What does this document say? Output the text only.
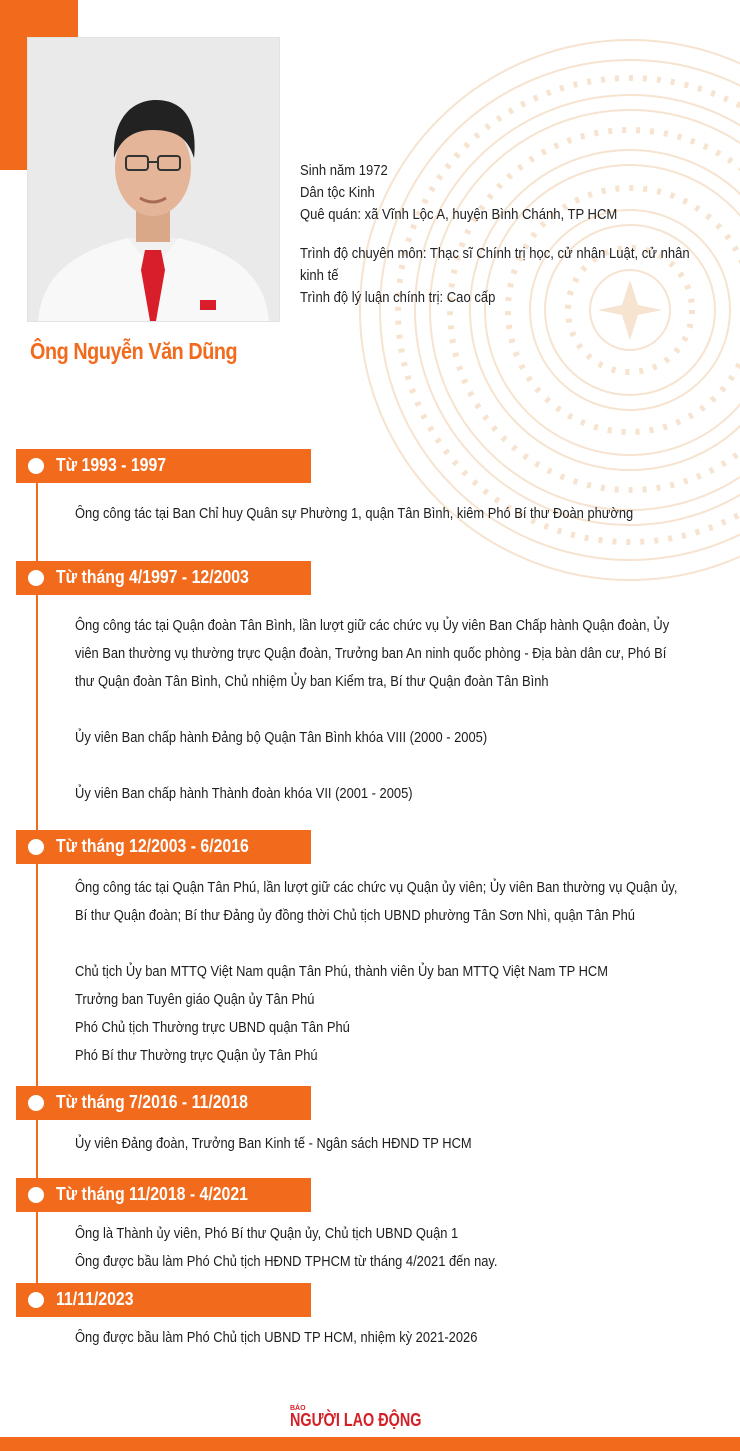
Ông Nguyễn Văn Dũng
Sinh năm 1972
Dân tộc Kinh
Quê quán: xã Vĩnh Lộc A, huyện Bình Chánh, TP HCM
Trình độ chuyên môn: Thạc sĩ Chính trị học, cử nhân Luật, cử nhân kinh tế
Trình độ lý luận chính trị: Cao cấp
Từ 1993 - 1997
Ông công tác tại Ban Chỉ huy Quân sự Phường 1, quận Tân Bình, kiêm Phó Bí thư Đoàn phường
Từ tháng 4/1997 - 12/2003
Ông công tác tại Quận đoàn Tân Bình, lần lượt giữ các chức vụ Ủy viên Ban Chấp hành Quận đoàn, Ủy
viên Ban thường vụ thường trực Quận đoàn, Trưởng ban An ninh quốc phòng - Địa bàn dân cư, Phó Bí
thư Quận đoàn Tân Bình, Chủ nhiệm Ủy ban Kiểm tra, Bí thư Quận đoàn Tân Bình
Ủy viên Ban chấp hành Đảng bộ Quận Tân Bình khóa VIII (2000 - 2005)
Ủy viên Ban chấp hành Thành đoàn khóa VII (2001 - 2005)
Từ tháng 12/2003 - 6/2016
Ông công tác tại Quận Tân Phú, lần lượt giữ các chức vụ Quận ủy viên; Ủy viên Ban thường vụ Quận ủy,
Bí thư Quận đoàn; Bí thư Đảng ủy đồng thời Chủ tịch UBND phường Tân Sơn Nhì, quận Tân Phú
Chủ tịch Ủy ban MTTQ Việt Nam quận Tân Phú, thành viên Ủy ban MTTQ Việt Nam TP HCM
Trưởng ban Tuyên giáo Quận ủy Tân Phú
Phó Chủ tịch Thường trực UBND quận Tân Phú
Phó Bí thư Thường trực Quận ủy Tân Phú
Từ tháng 7/2016 - 11/2018
Ủy viên Đảng đoàn, Trưởng Ban Kinh tế - Ngân sách HĐND TP HCM
Từ tháng 11/2018 - 4/2021
Ông là Thành ủy viên, Phó Bí thư Quận ủy, Chủ tịch UBND Quận 1
Ông được bầu làm Phó Chủ tịch HĐND TPHCM từ tháng 4/2021 đến nay.
11/11/2023
Ông được bầu làm Phó Chủ tịch UBND TP HCM, nhiệm kỳ 2021-2026
BÁO
NGƯỜI LAO ĐỘNG
